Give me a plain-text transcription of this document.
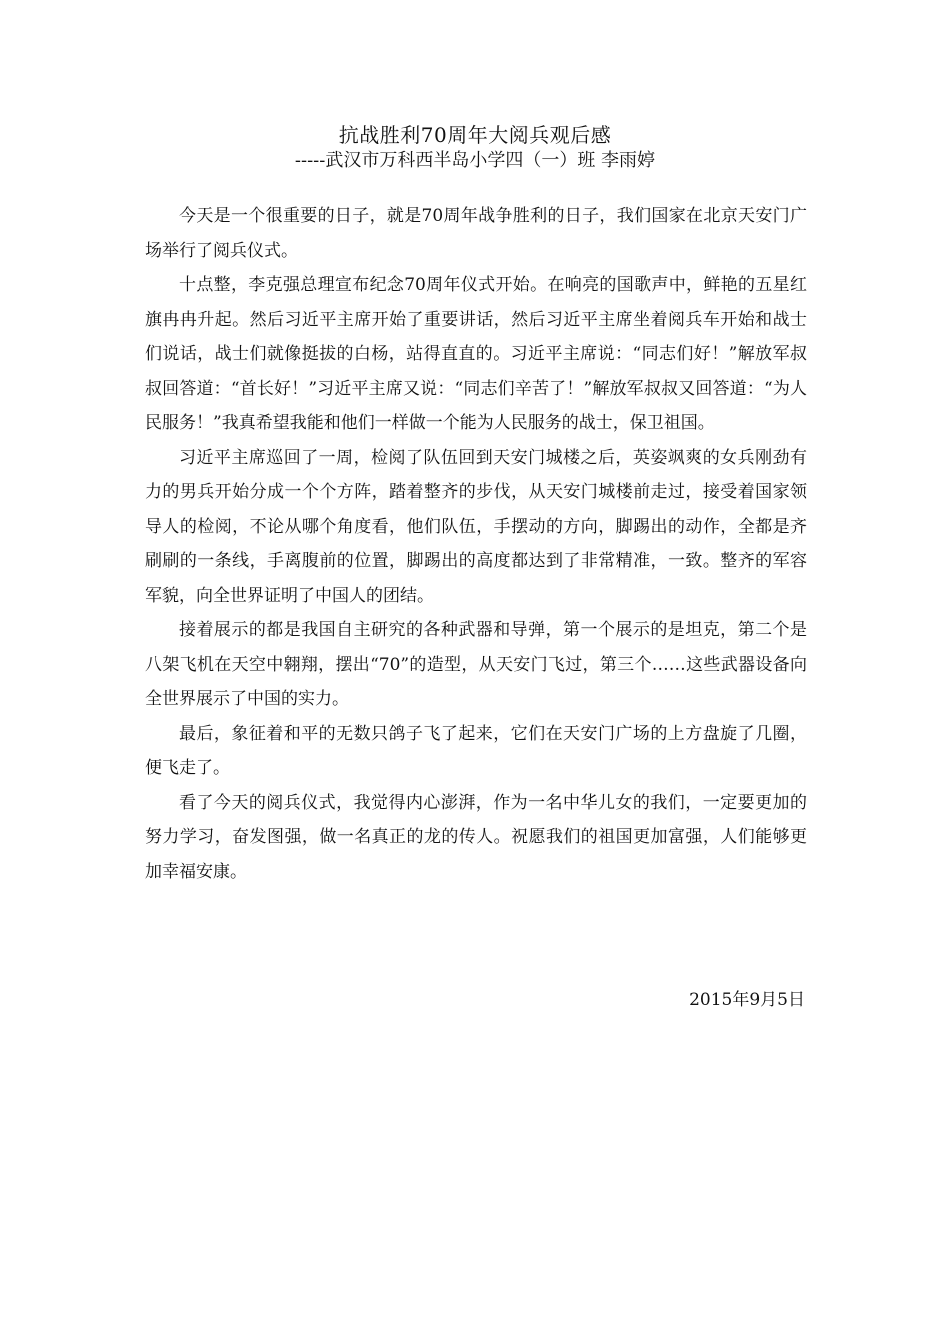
抗战胜利70周年大阅兵观后感
-----武汉市万科西半岛小学四（一）班 李雨婷

今天是一个很重要的日子，就是70周年战争胜利的日子，我们国家在北京天安门广场举行了阅兵仪式。

十点整，李克强总理宣布纪念70周年仪式开始。在响亮的国歌声中，鲜艳的五星红旗冉冉升起。然后习近平主席开始了重要讲话，然后习近平主席坐着阅兵车开始和战士们说话，战士们就像挺拔的白杨，站得直直的。习近平主席说：“同志们好！”解放军叔叔回答道：“首长好！”习近平主席又说：“同志们辛苦了！”解放军叔叔又回答道：“为人民服务！”我真希望我能和他们一样做一个能为人民服务的战士，保卫祖国。

习近平主席巡回了一周，检阅了队伍回到天安门城楼之后，英姿飒爽的女兵刚劲有力的男兵开始分成一个个方阵，踏着整齐的步伐，从天安门城楼前走过，接受着国家领导人的检阅，不论从哪个角度看，他们队伍，手摆动的方向，脚踢出的动作，全都是齐刷刷的一条线，手离腹前的位置，脚踢出的高度都达到了非常精准，一致。整齐的军容军貌，向全世界证明了中国人的团结。

接着展示的都是我国自主研究的各种武器和导弹，第一个展示的是坦克，第二个是八架飞机在天空中翱翔，摆出“70”的造型，从天安门飞过，第三个……这些武器设备向全世界展示了中国的实力。

最后，象征着和平的无数只鸽子飞了起来，它们在天安门广场的上方盘旋了几圈，便飞走了。

看了今天的阅兵仪式，我觉得内心澎湃，作为一名中华儿女的我们，一定要更加的努力学习，奋发图强，做一名真正的龙的传人。祝愿我们的祖国更加富强，人们能够更加幸福安康。

2015年9月5日
